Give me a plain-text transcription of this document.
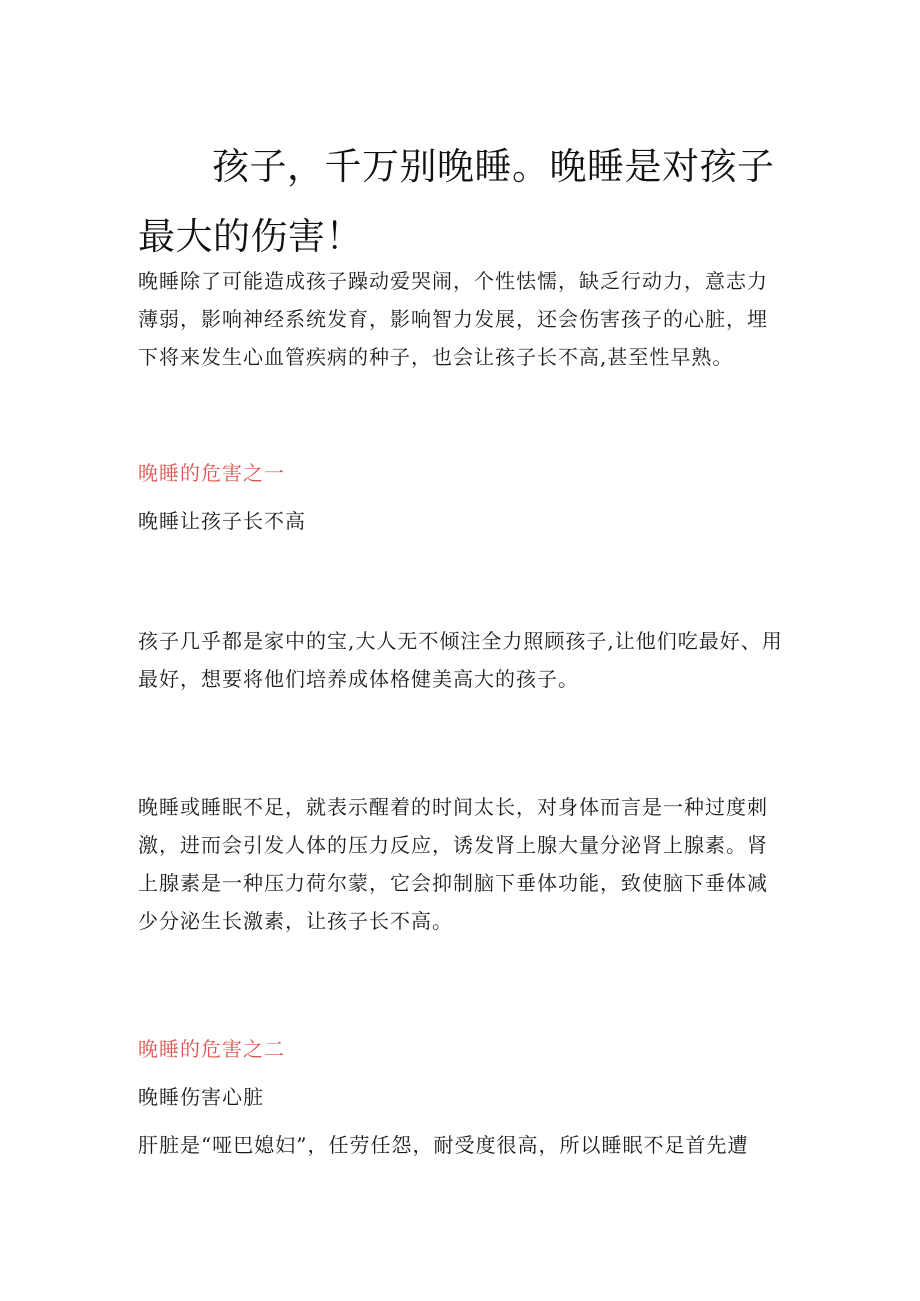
孩子，千万别晚睡。晚睡是对孩子最大的伤害！

晚睡除了可能造成孩子躁动爱哭闹，个性怯懦，缺乏行动力，意志力薄弱，影响神经系统发育，影响智力发展，还会伤害孩子的心脏，埋下将来发生心血管疾病的种子，也会让孩子长不高,甚至性早熟。

晚睡的危害之一

晚睡让孩子长不高

孩子几乎都是家中的宝,大人无不倾注全力照顾孩子,让他们吃最好、用最好，想要将他们培养成体格健美高大的孩子。

晚睡或睡眠不足，就表示醒着的时间太长，对身体而言是一种过度刺激，进而会引发人体的压力反应，诱发肾上腺大量分泌肾上腺素。肾上腺素是一种压力荷尔蒙，它会抑制脑下垂体功能，致使脑下垂体减少分泌生长激素，让孩子长不高。

晚睡的危害之二

晚睡伤害心脏

肝脏是“哑巴媳妇”，任劳任怨，耐受度很高，所以睡眠不足首先遭
